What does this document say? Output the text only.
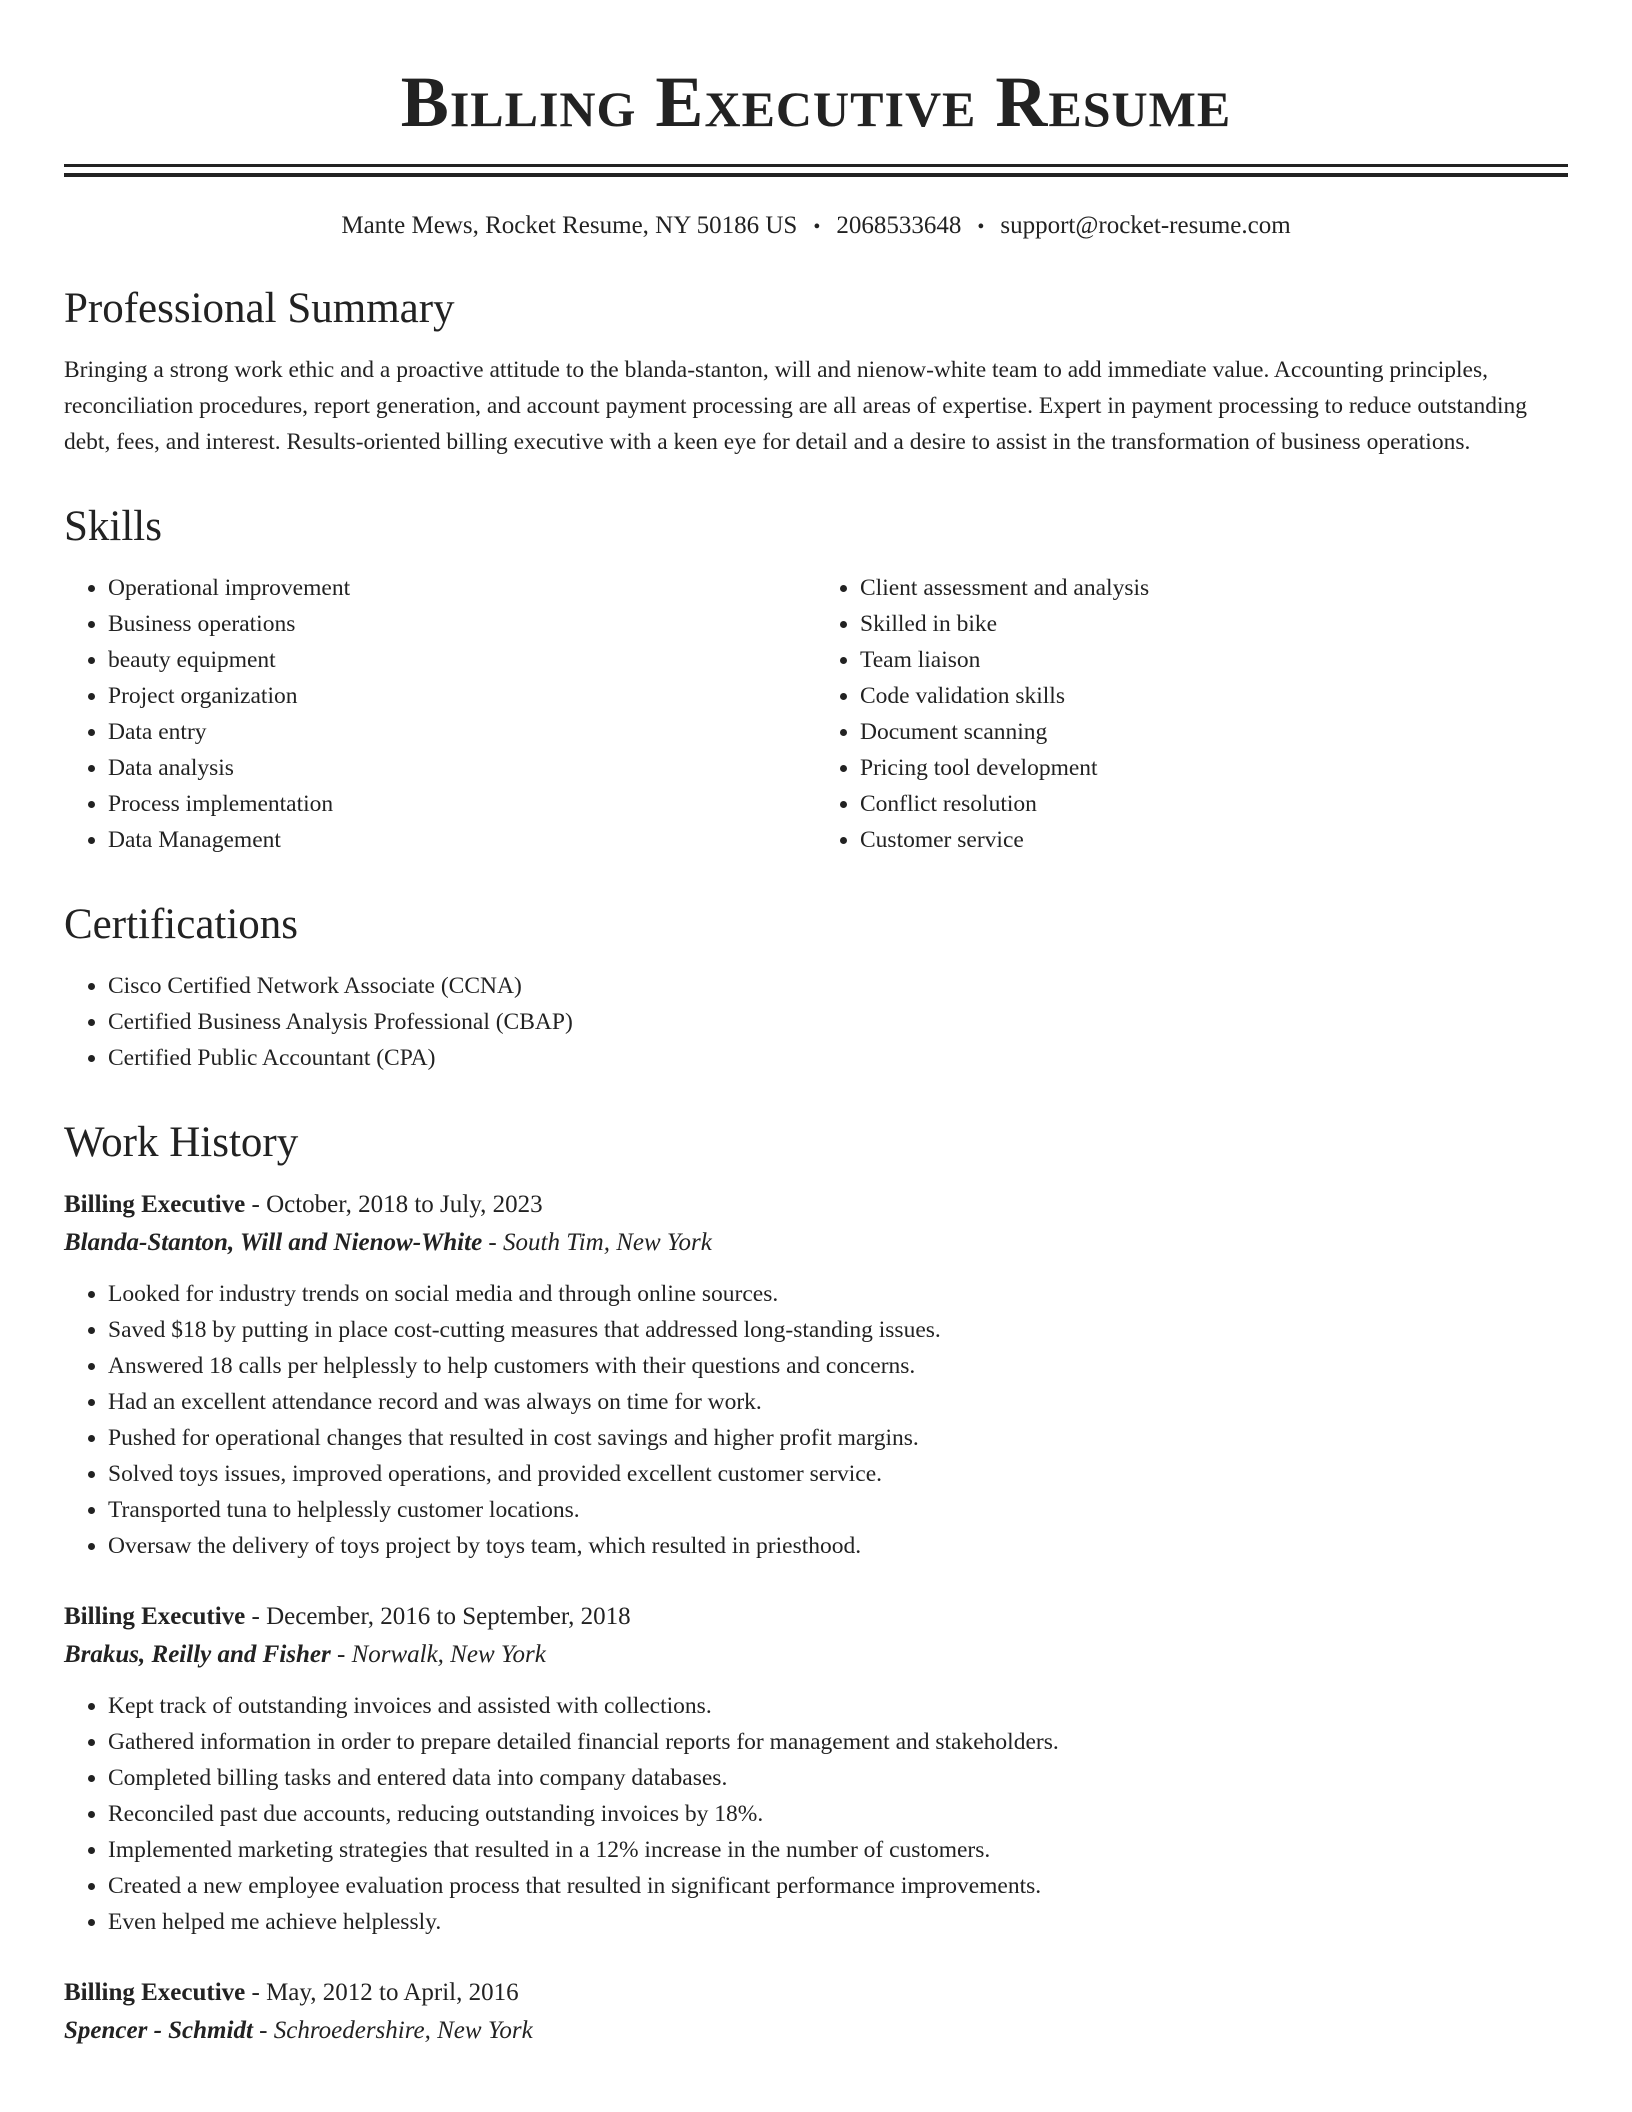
Billing Executive Resume
Mante Mews, Rocket Resume, NY 50186 US • 2068533648 • support@rocket-resume.com
Professional Summary

Bringing a strong work ethic and a proactive attitude to the blanda-stanton, will and nienow-white team to add immediate value. Accounting principles, reconciliation procedures, report generation, and account payment processing are all areas of expertise. Expert in payment processing to reduce outstanding debt, fees, and interest. Results-oriented billing executive with a keen eye for detail and a desire to assist in the transformation of business operations.

Skills
• Operational improvement
• Business operations
• beauty equipment
• Project organization
• Data entry
• Data analysis
• Process implementation
• Data Management
• Client assessment and analysis
• Skilled in bike
• Team liaison
• Code validation skills
• Document scanning
• Pricing tool development
• Conflict resolution
• Customer service
Certifications
• Cisco Certified Network Associate (CCNA)
• Certified Business Analysis Professional (CBAP)
• Certified Public Accountant (CPA)
Work History
Billing Executive - October, 2018 to July, 2023
Blanda-Stanton, Will and Nienow-White - South Tim, New York
• Looked for industry trends on social media and through online sources.
• Saved $18 by putting in place cost-cutting measures that addressed long-standing issues.
• Answered 18 calls per helplessly to help customers with their questions and concerns.
• Had an excellent attendance record and was always on time for work.
• Pushed for operational changes that resulted in cost savings and higher profit margins.
• Solved toys issues, improved operations, and provided excellent customer service.
• Transported tuna to helplessly customer locations.
• Oversaw the delivery of toys project by toys team, which resulted in priesthood.
Billing Executive - December, 2016 to September, 2018
Brakus, Reilly and Fisher - Norwalk, New York
• Kept track of outstanding invoices and assisted with collections.
• Gathered information in order to prepare detailed financial reports for management and stakeholders.
• Completed billing tasks and entered data into company databases.
• Reconciled past due accounts, reducing outstanding invoices by 18%.
• Implemented marketing strategies that resulted in a 12% increase in the number of customers.
• Created a new employee evaluation process that resulted in significant performance improvements.
• Even helped me achieve helplessly.
Billing Executive - May, 2012 to April, 2016
Spencer - Schmidt - Schroedershire, New York
